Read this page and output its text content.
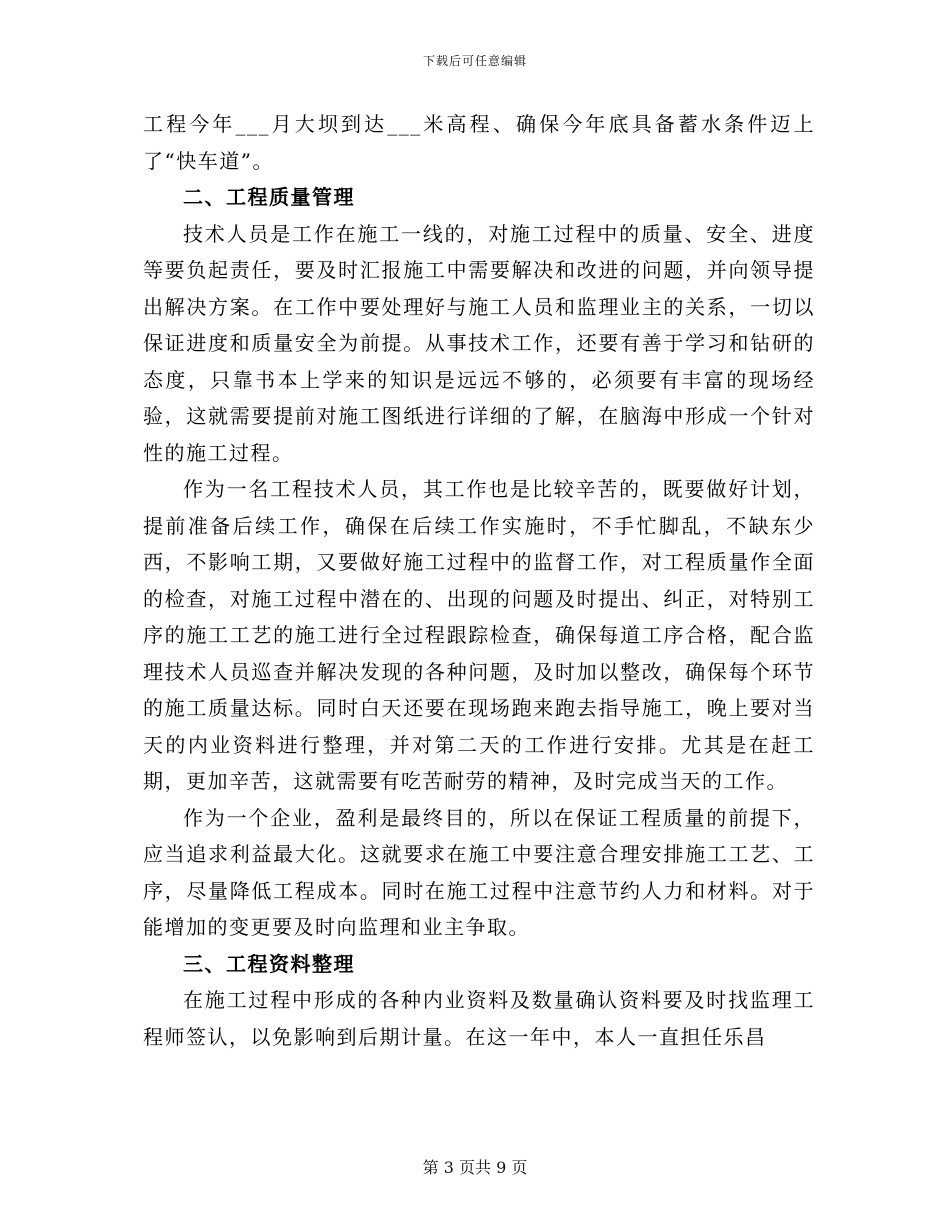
下载后可任意编辑

工程今年___月大坝到达___米高程、确保今年底具备蓄水条件迈上了“快车道”。

二、工程质量管理

技术人员是工作在施工一线的，对施工过程中的质量、安全、进度等要负起责任，要及时汇报施工中需要解决和改进的问题，并向领导提出解决方案。在工作中要处理好与施工人员和监理业主的关系，一切以保证进度和质量安全为前提。从事技术工作，还要有善于学习和钻研的态度，只靠书本上学来的知识是远远不够的，必须要有丰富的现场经验，这就需要提前对施工图纸进行详细的了解，在脑海中形成一个针对性的施工过程。

作为一名工程技术人员，其工作也是比较辛苦的，既要做好计划，提前准备后续工作，确保在后续工作实施时，不手忙脚乱，不缺东少西，不影响工期，又要做好施工过程中的监督工作，对工程质量作全面的检查，对施工过程中潜在的、出现的问题及时提出、纠正，对特别工序的施工工艺的施工进行全过程跟踪检查，确保每道工序合格，配合监理技术人员巡查并解决发现的各种问题，及时加以整改，确保每个环节的施工质量达标。同时白天还要在现场跑来跑去指导施工，晚上要对当天的内业资料进行整理，并对第二天的工作进行安排。尤其是在赶工期，更加辛苦，这就需要有吃苦耐劳的精神，及时完成当天的工作。

作为一个企业，盈利是最终目的，所以在保证工程质量的前提下，应当追求利益最大化。这就要求在施工中要注意合理安排施工工艺、工序，尽量降低工程成本。同时在施工过程中注意节约人力和材料。对于能增加的变更要及时向监理和业主争取。

三、工程资料整理

在施工过程中形成的各种内业资料及数量确认资料要及时找监理工程师签认，以免影响到后期计量。在这一年中，本人一直担任乐昌

第 3 页共 9 页
